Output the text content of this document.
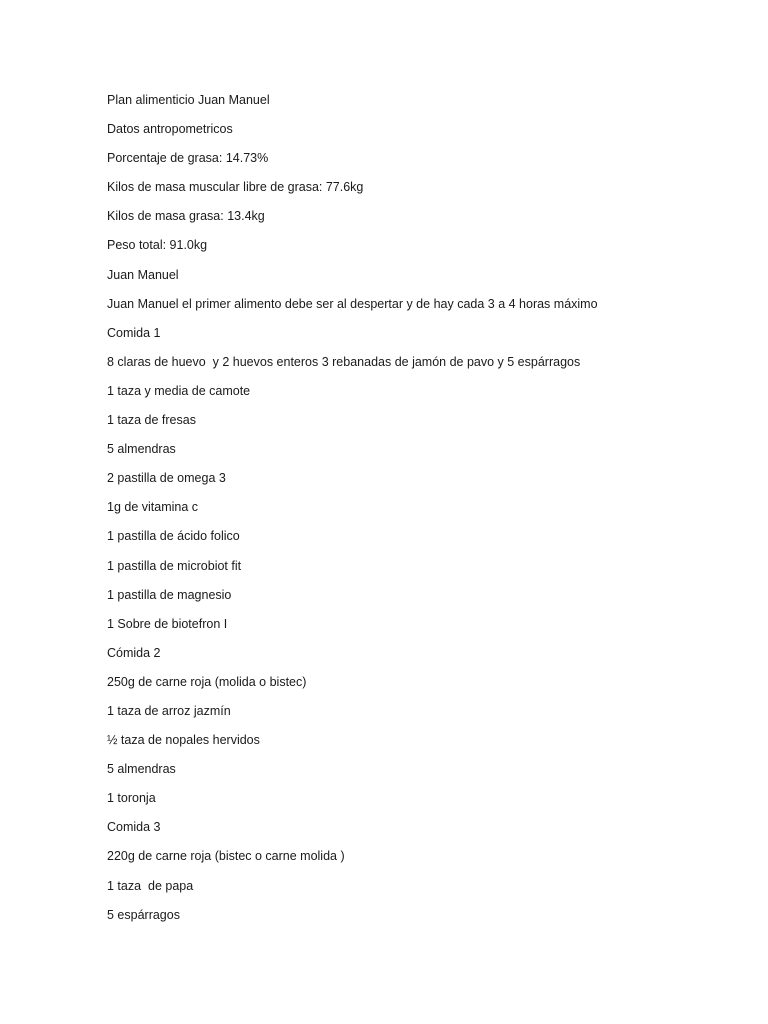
Plan alimenticio Juan Manuel
Datos antropometricos
Porcentaje de grasa: 14.73%
Kilos de masa muscular libre de grasa: 77.6kg
Kilos de masa grasa: 13.4kg
Peso total: 91.0kg
Juan Manuel
Juan Manuel el primer alimento debe ser al despertar y de hay cada 3 a 4 horas máximo
Comida 1
8 claras de huevo  y 2 huevos enteros 3 rebanadas de jamón de pavo y 5 espárragos
1 taza y media de camote
1 taza de fresas
5 almendras
2 pastilla de omega 3
1g de vitamina c
1 pastilla de ácido folico
1 pastilla de microbiot fit
1 pastilla de magnesio
1 Sobre de biotefron I
Cómida 2
250g de carne roja (molida o bistec)
1 taza de arroz jazmín
½ taza de nopales hervidos
5 almendras
1 toronja
Comida 3
220g de carne roja (bistec o carne molida )
1 taza  de papa
5 espárragos
